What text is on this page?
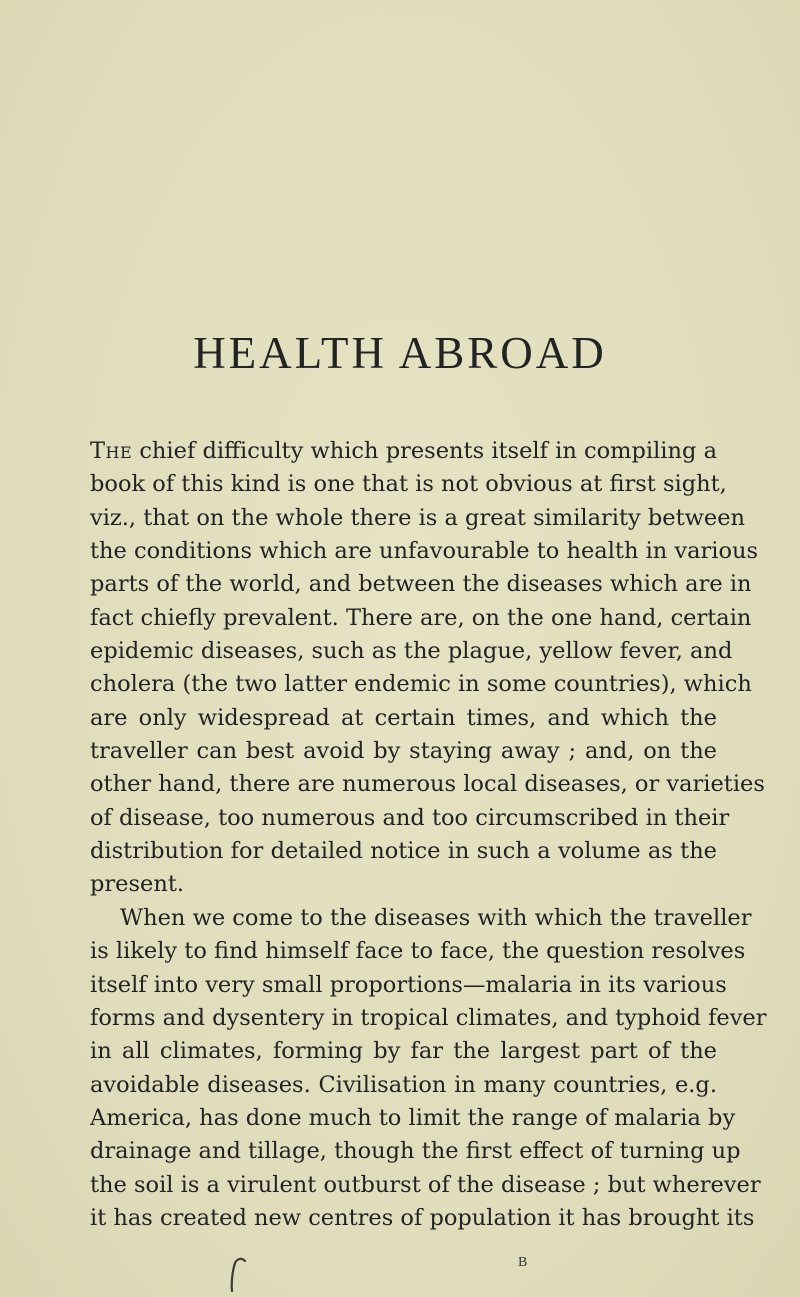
HEALTH ABROAD
The chief difficulty which presents itself in compiling a
book of this kind is one that is not obvious at first sight,
viz., that on the whole there is a great similarity between
the conditions which are unfavourable to health in various
parts of the world, and between the diseases which are in
fact chiefly prevalent. There are, on the one hand, certain
epidemic diseases, such as the plague, yellow fever, and
cholera (the two latter endemic in some countries), which
are only widespread at certain times, and which the
traveller can best avoid by staying away ; and, on the
other hand, there are numerous local diseases, or varieties
of disease, too numerous and too circumscribed in their
distribution for detailed notice in such a volume as the
present.
When we come to the diseases with which the traveller
is likely to find himself face to face, the question resolves
itself into very small proportions—malaria in its various
forms and dysentery in tropical climates, and typhoid fever
in all climates, forming by far the largest part of the
avoidable diseases. Civilisation in many countries, e.g.
America, has done much to limit the range of malaria by
drainage and tillage, though the first effect of turning up
the soil is a virulent outburst of the disease ; but wherever
it has created new centres of population it has brought its
B
